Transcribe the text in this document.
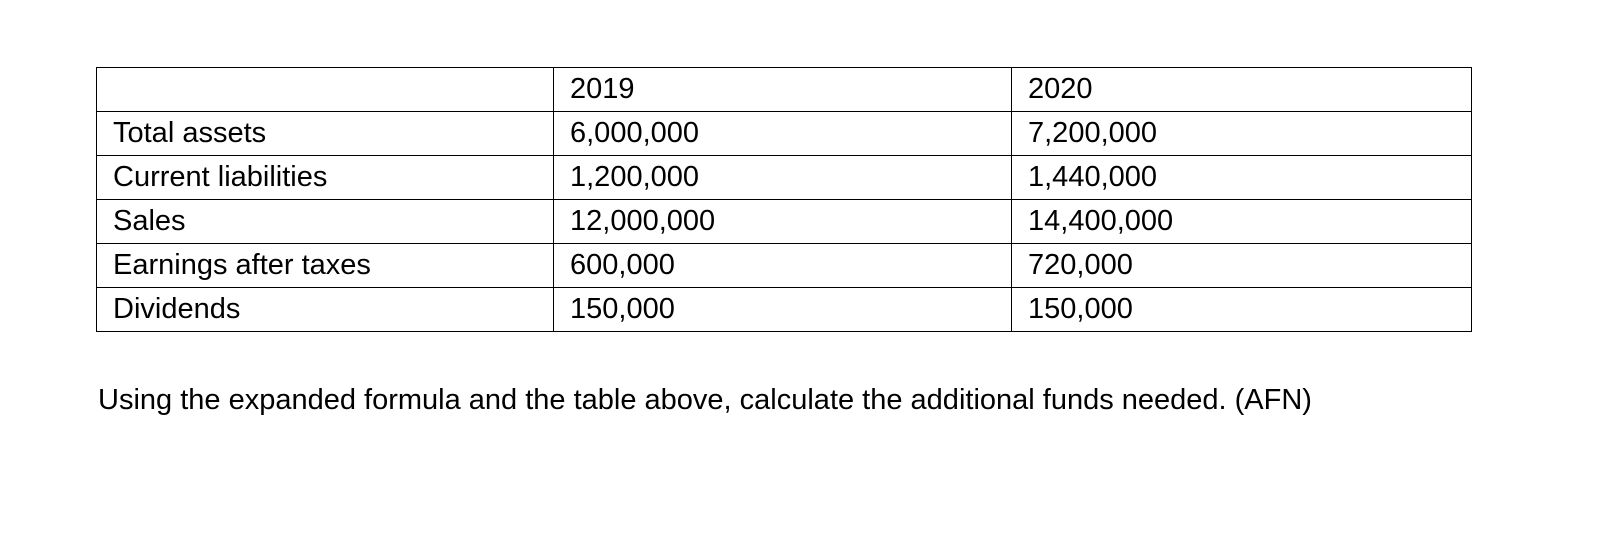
	2019	2020
Total assets	6,000,000	7,200,000
Current liabilities	1,200,000	1,440,000
Sales	12,000,000	14,400,000
Earnings after taxes	600,000	720,000
Dividends	150,000	150,000
Using the expanded formula and the table above, calculate the additional funds needed. (AFN)
